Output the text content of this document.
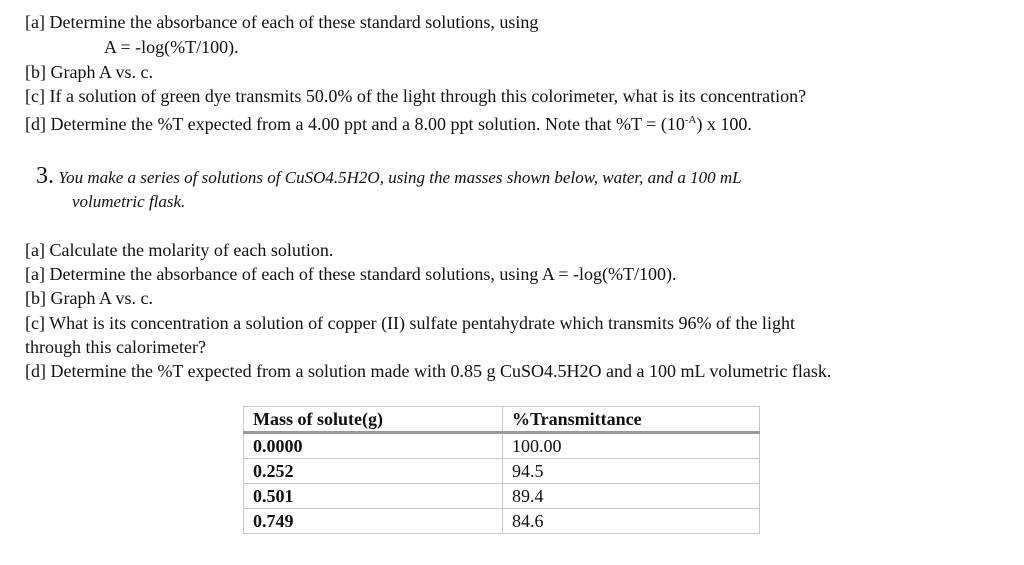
[a] Determine the absorbance of each of these standard solutions, using
A = -log(%T/100).
[b] Graph A vs. c.
[c] If a solution of green dye transmits 50.0% of the light through this colorimeter, what is its concentration?
[d] Determine the %T expected from a 4.00 ppt and a 8.00 ppt solution. Note that $\%T = (10^{-A})$ x 100.
3. You make a series of solutions of CuSO4.5H2O, using the masses shown below, water, and a 100 mL
volumetric flask.
[a] Calculate the molarity of each solution.
[a] Determine the absorbance of each of these standard solutions, using A = -log(%T/100).
[b] Graph A vs. c.
[c] What is its concentration a solution of copper (II) sulfate pentahydrate which transmits 96% of the light
through this calorimeter?
[d] Determine the %T expected from a solution made with 0.85 g CuSO4.5H2O and a 100 mL volumetric flask.
Mass of solute(g)	%Transmittance
0.0000	100.00
0.252	94.5
0.501	89.4
0.749	84.6
